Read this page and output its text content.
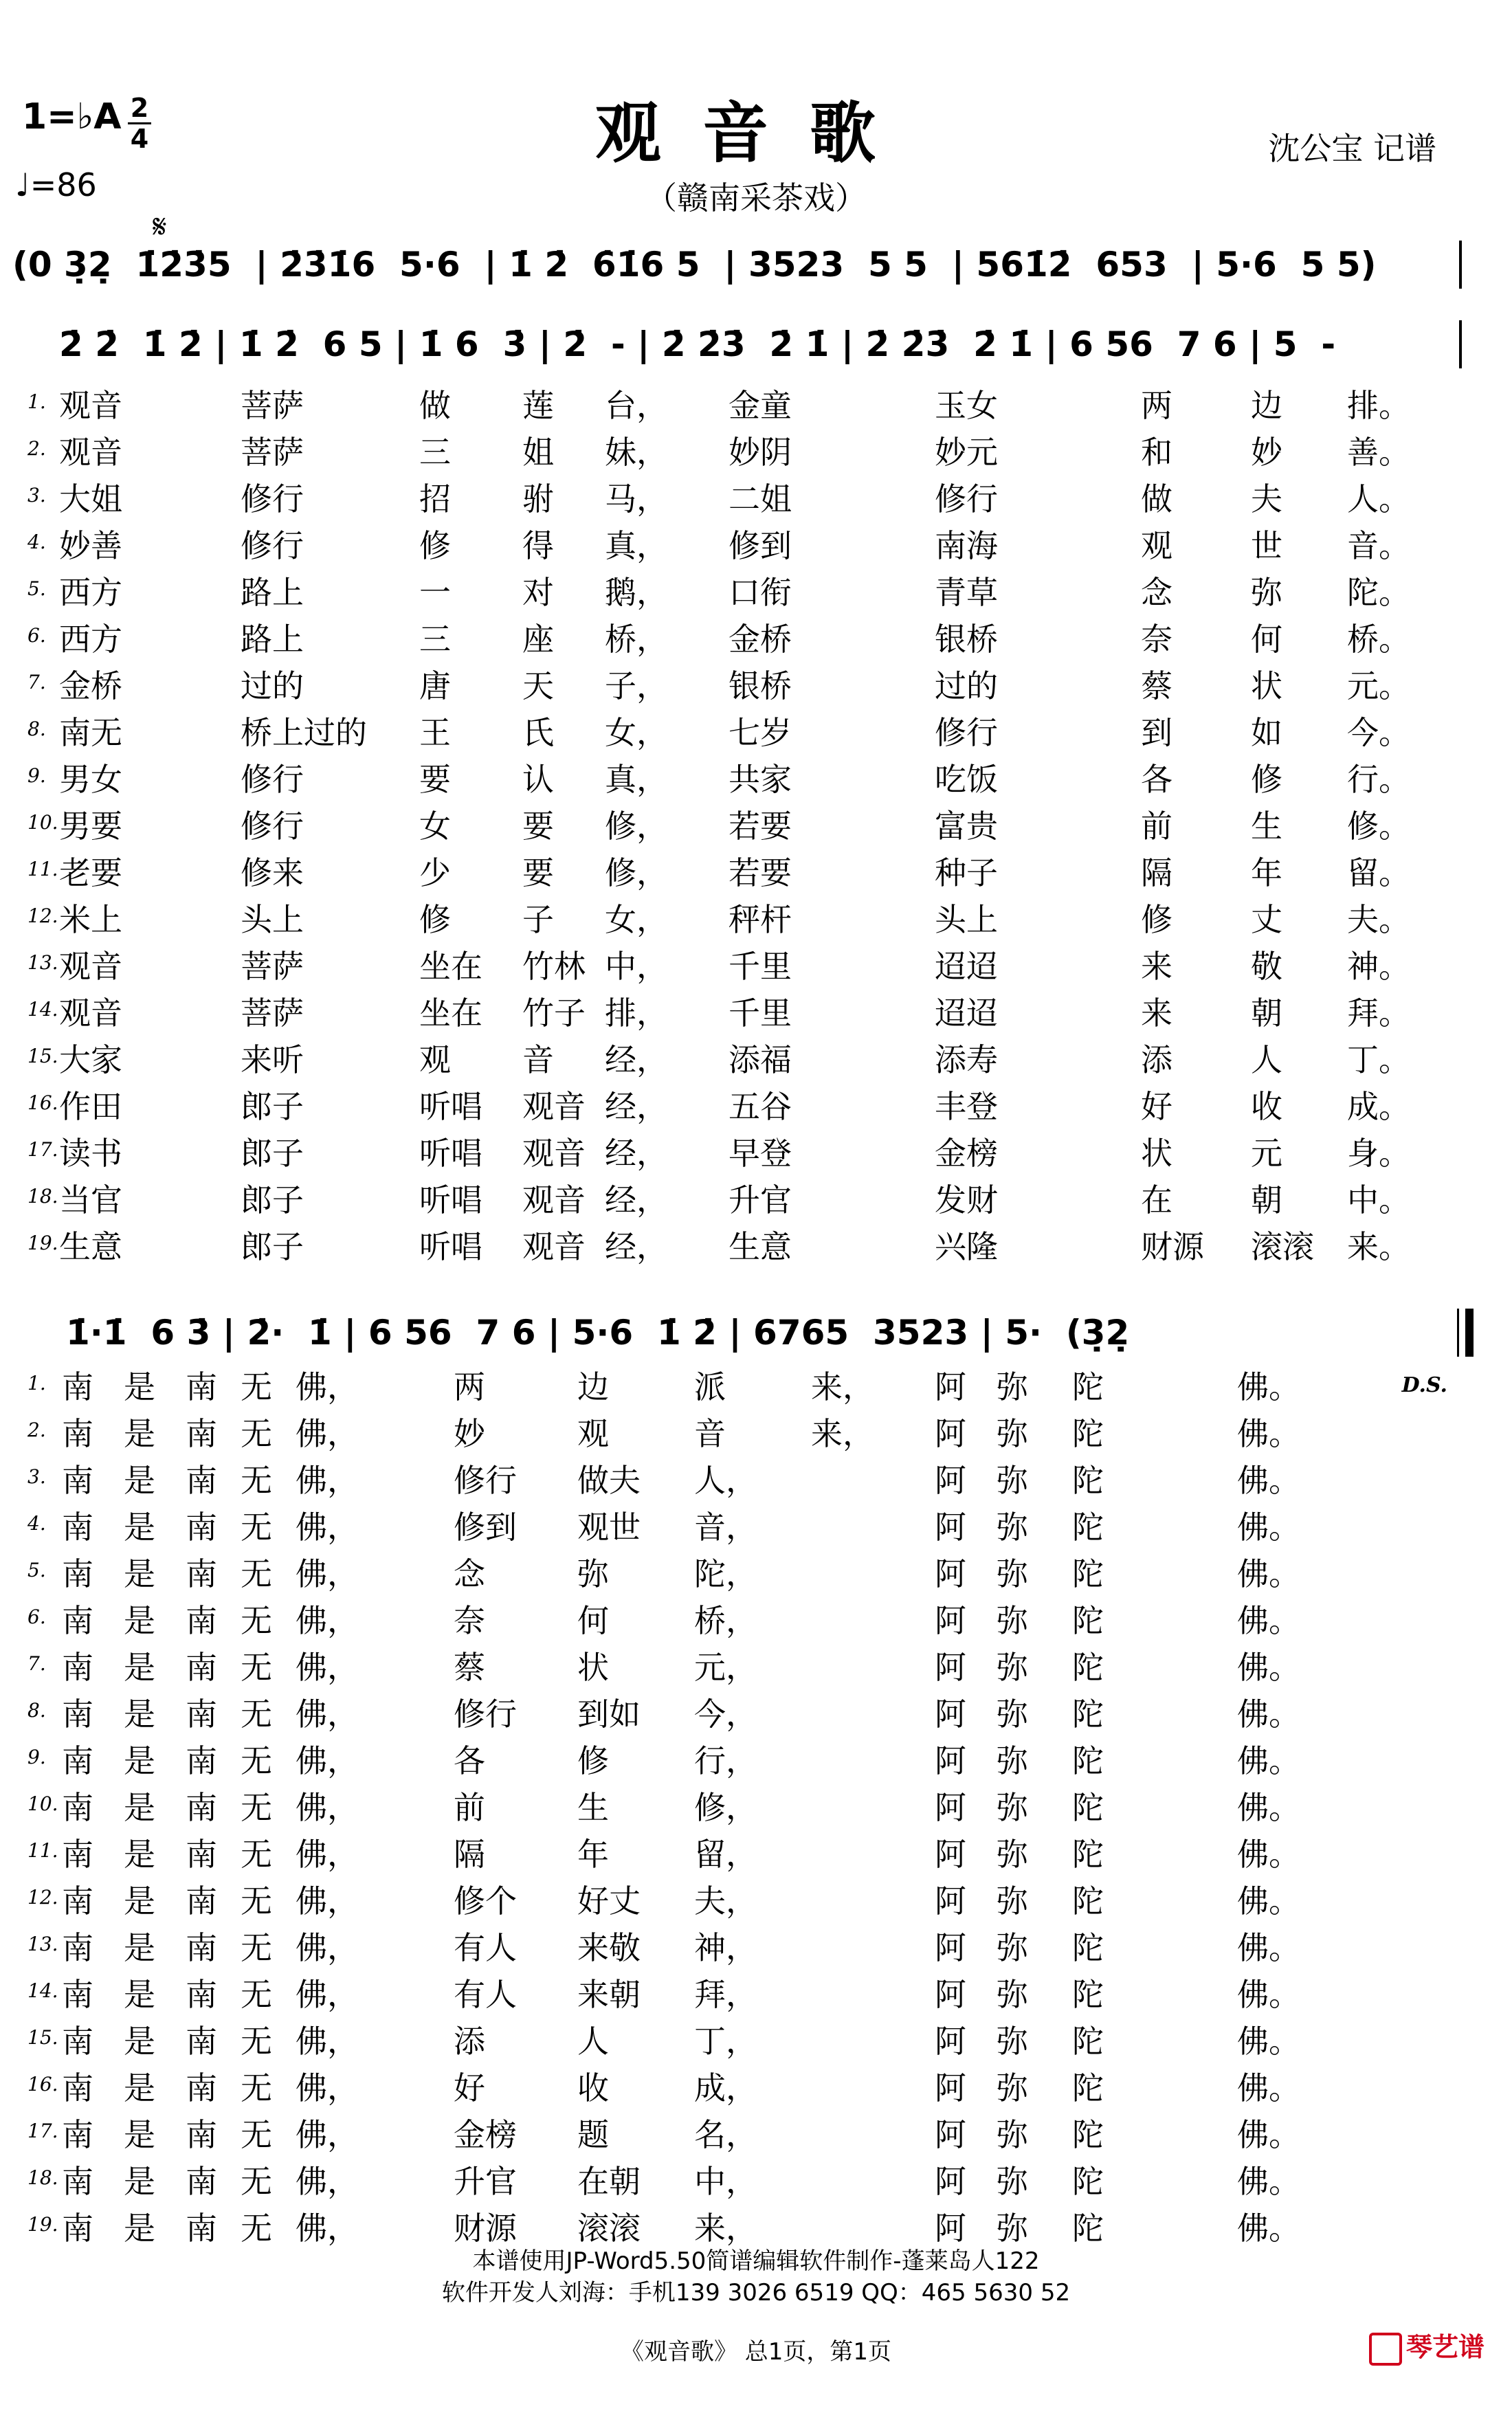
1=♭A 2
4
♩=86
观音歌
（赣南采茶戏）
沈公宝 记谱
𝄋
(0 3̣2̣  1̇2̇3̇5  | 2̇3̇1̇6  5·6  | 1̇ 2̇  6̇1̇6 5  | 3523  5 5  | 561̇2̇  653  | 5·6  5 5)
2̇ 2̇  1̇ 2̇ | 1̇ 2̇  6 5 | 1̇ 6  3̇ | 2̇  - | 2̇ 2̇3̇  2̇ 1̇ | 2̇ 2̇3̇  2̇ 1̇ | 6 56  7 6 | 5  -
1. 观音	菩萨	做 莲 台， 金童	玉女	两 边 排。
2. 观音	菩萨	三 姐 妹， 妙阴	妙元	和 妙 善。
3. 大姐	修行	招 驸 马， 二姐	修行	做 夫 人。
4. 妙善	修行	修 得 真， 修到	南海	观 世 音。
5. 西方	路上	一 对 鹅， 口衔	青草	念 弥 陀。
6. 西方	路上	三 座 桥， 金桥	银桥	奈 何 桥。
7. 金桥	过的	唐 天 子， 银桥	过的	蔡 状 元。
8. 南无	桥上过的 王 氏 女， 七岁	修行	到 如 今。
9. 男女	修行	要 认 真， 共家	吃饭	各 修 行。
10. 男要	修行	女 要 修， 若要	富贵	前 生 修。
11. 老要	修来	少 要 修， 若要	种子	隔 年 留。
12. 米上	头上	修 子 女， 秤杆	头上	修 丈 夫。
13. 观音	菩萨	坐在 竹林 中， 千里	迢迢	来 敬 神。
14. 观音	菩萨	坐在 竹子 排， 千里	迢迢	来 朝 拜。
15. 大家	来听	观 音 经， 添福	添寿	添 人 丁。
16. 作田	郎子	听唱 观音 经， 五谷	丰登	好 收 成。
17. 读书	郎子	听唱 观音 经， 早登	金榜	状 元 身。
18. 当官	郎子	听唱 观音 经， 升官	发财	在 朝 中。
19. 生意	郎子	听唱 观音 经， 生意	兴隆	财源 滚滚 来。
1̇·1̇  6 3̇ | 2̇·  1̇ | 6 56  7 6 | 5·6  1̇ 2̇ | 6765  3523 | 5·  (3̣2̣
D.S.
1. 南 是 南 无 佛，	两	边	派	来， 阿 弥 陀	佛。
2. 南 是 南 无 佛，	妙	观	音	来， 阿 弥 陀	佛。
3. 南 是 南 无 佛，	修行 做夫 人，	阿 弥 陀	佛。
4. 南 是 南 无 佛，	修到 观世 音，	阿 弥 陀	佛。
5. 南 是 南 无 佛，	念	弥	陀，	阿 弥 陀	佛。
6. 南 是 南 无 佛，	奈	何	桥，	阿 弥 陀	佛。
7. 南 是 南 无 佛，	蔡	状	元，	阿 弥 陀	佛。
8. 南 是 南 无 佛，	修行 到如 今，	阿 弥 陀	佛。
9. 南 是 南 无 佛，	各	修	行，	阿 弥 陀	佛。
10. 南 是 南 无 佛，	前	生	修，	阿 弥 陀	佛。
11. 南 是 南 无 佛，	隔	年	留，	阿 弥 陀	佛。
12. 南 是 南 无 佛，	修个 好丈 夫，	阿 弥 陀	佛。
13. 南 是 南 无 佛，	有人 来敬 神，	阿 弥 陀	佛。
14. 南 是 南 无 佛，	有人 来朝 拜，	阿 弥 陀	佛。
15. 南 是 南 无 佛，	添	人	丁，	阿 弥 陀	佛。
16. 南 是 南 无 佛，	好	收	成，	阿 弥 陀	佛。
17. 南 是 南 无 佛，	金榜 题	名，	阿 弥 陀	佛。
18. 南 是 南 无 佛，	升官 在朝 中，	阿 弥 陀	佛。
19. 南 是 南 无 佛，	财源 滚滚 来，	阿 弥 陀	佛。
本谱使用JP-Word5.50简谱编辑软件制作-蓬莱岛人122
软件开发人刘海：手机139 3026 6519 QQ：465 5630 52
《观音歌》 总1页，第1页	琴艺谱
